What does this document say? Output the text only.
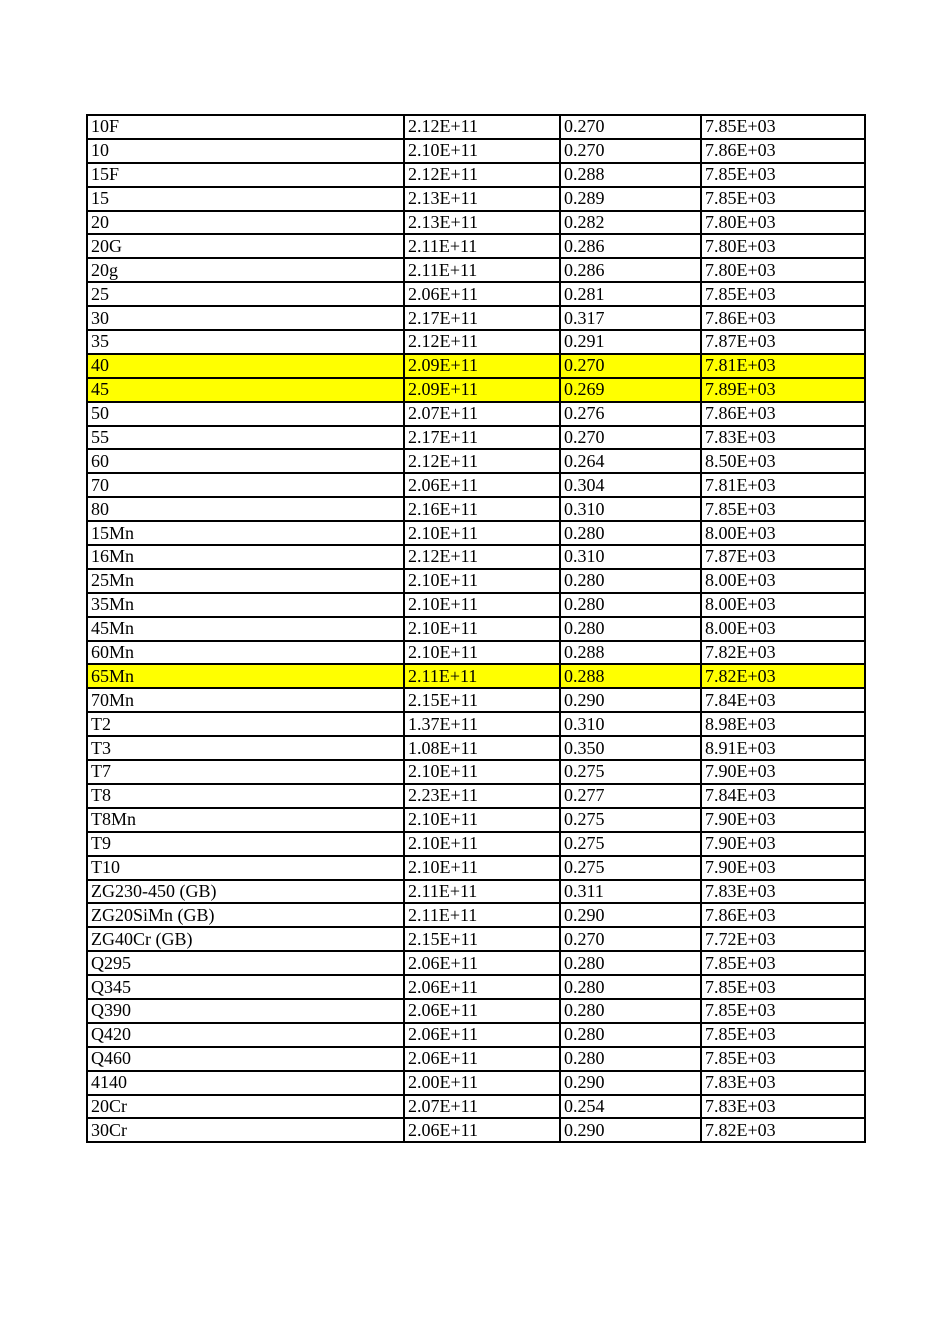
10F	2.12E+11	0.270	7.85E+03
10	2.10E+11	0.270	7.86E+03
15F	2.12E+11	0.288	7.85E+03
15	2.13E+11	0.289	7.85E+03
20	2.13E+11	0.282	7.80E+03
20G	2.11E+11	0.286	7.80E+03
20g	2.11E+11	0.286	7.80E+03
25	2.06E+11	0.281	7.85E+03
30	2.17E+11	0.317	7.86E+03
35	2.12E+11	0.291	7.87E+03
40	2.09E+11	0.270	7.81E+03
45	2.09E+11	0.269	7.89E+03
50	2.07E+11	0.276	7.86E+03
55	2.17E+11	0.270	7.83E+03
60	2.12E+11	0.264	8.50E+03
70	2.06E+11	0.304	7.81E+03
80	2.16E+11	0.310	7.85E+03
15Mn	2.10E+11	0.280	8.00E+03
16Mn	2.12E+11	0.310	7.87E+03
25Mn	2.10E+11	0.280	8.00E+03
35Mn	2.10E+11	0.280	8.00E+03
45Mn	2.10E+11	0.280	8.00E+03
60Mn	2.10E+11	0.288	7.82E+03
65Mn	2.11E+11	0.288	7.82E+03
70Mn	2.15E+11	0.290	7.84E+03
T2	1.37E+11	0.310	8.98E+03
T3	1.08E+11	0.350	8.91E+03
T7	2.10E+11	0.275	7.90E+03
T8	2.23E+11	0.277	7.84E+03
T8Mn	2.10E+11	0.275	7.90E+03
T9	2.10E+11	0.275	7.90E+03
T10	2.10E+11	0.275	7.90E+03
ZG230-450 (GB)	2.11E+11	0.311	7.83E+03
ZG20SiMn (GB)	2.11E+11	0.290	7.86E+03
ZG40Cr (GB)	2.15E+11	0.270	7.72E+03
Q295	2.06E+11	0.280	7.85E+03
Q345	2.06E+11	0.280	7.85E+03
Q390	2.06E+11	0.280	7.85E+03
Q420	2.06E+11	0.280	7.85E+03
Q460	2.06E+11	0.280	7.85E+03
4140	2.00E+11	0.290	7.83E+03
20Cr	2.07E+11	0.254	7.83E+03
30Cr	2.06E+11	0.290	7.82E+03
